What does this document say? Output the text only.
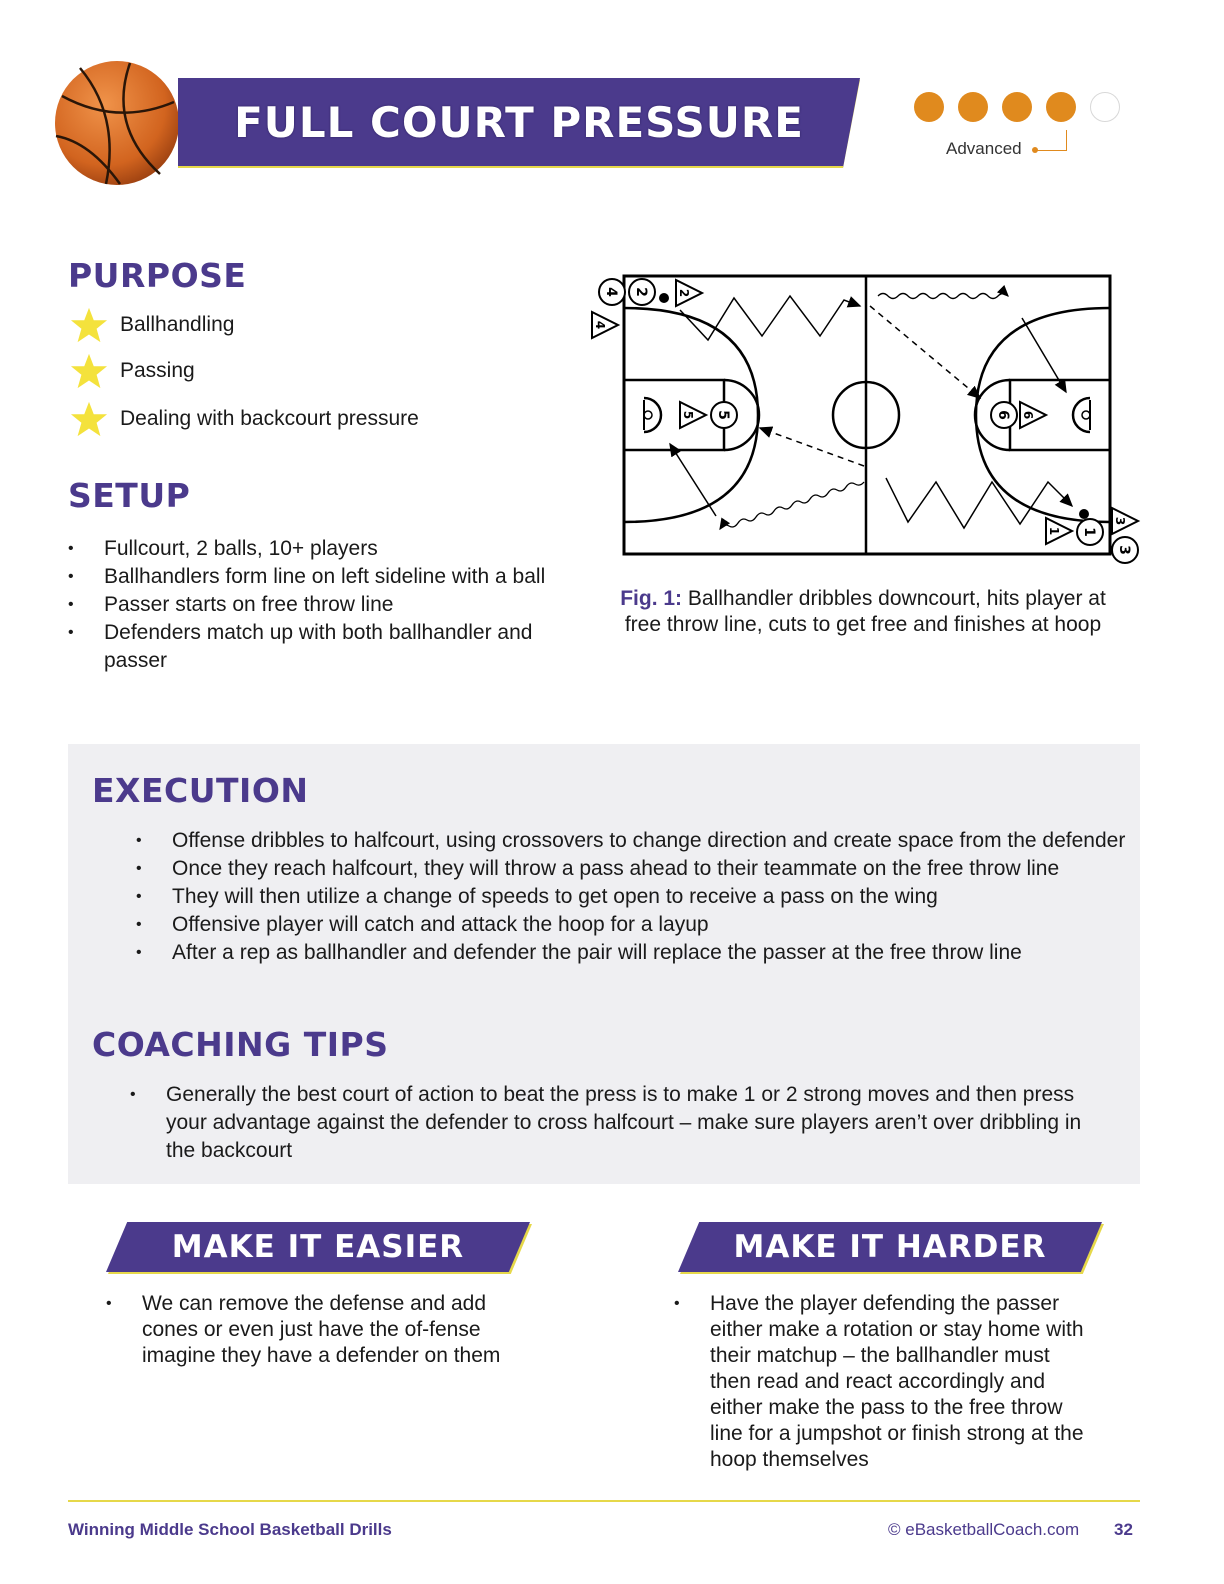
FULL COURT PRESSURE
Advanced
PURPOSE
Ballhandling
Passing
Dealing with backcourt pressure
SETUP
• Fullcourt, 2 balls, 10+ players
• Ballhandlers form line on left sideline with a ball
• Passer starts on free throw line
• Defenders match up with both ballhandler and passer
4 2 2
4
5 5	6 6
1 1
3
3
Fig. 1: Ballhandler dribbles downcourt, hits player at free throw line, cuts to get free and finishes at hoop
EXECUTION
• Offense dribbles to halfcourt, using crossovers to change direction and create space from the defender
• Once they reach halfcourt, they will throw a pass ahead to their teammate on the free throw line
• They will then utilize a change of speeds to get open to receive a pass on the wing
• Offensive player will catch and attack the hoop for a layup
• After a rep as ballhandler and defender the pair will replace the passer at the free throw line
COACHING TIPS
• Generally the best court of action to beat the press is to make 1 or 2 strong moves and then press your advantage against the defender to cross halfcourt – make sure players aren’t over dribbling in the backcourt
MAKE IT EASIER
• We can remove the defense and add cones or even just have the of-fense imagine they have a defender on them
MAKE IT HARDER
• Have the player defending the passer either make a rotation or stay home with their matchup – the ballhandler must then read and react accordingly and either make the pass to the free throw line for a jumpshot or finish strong at the hoop themselves
Winning Middle School Basketball Drills	© eBasketballCoach.com 32
